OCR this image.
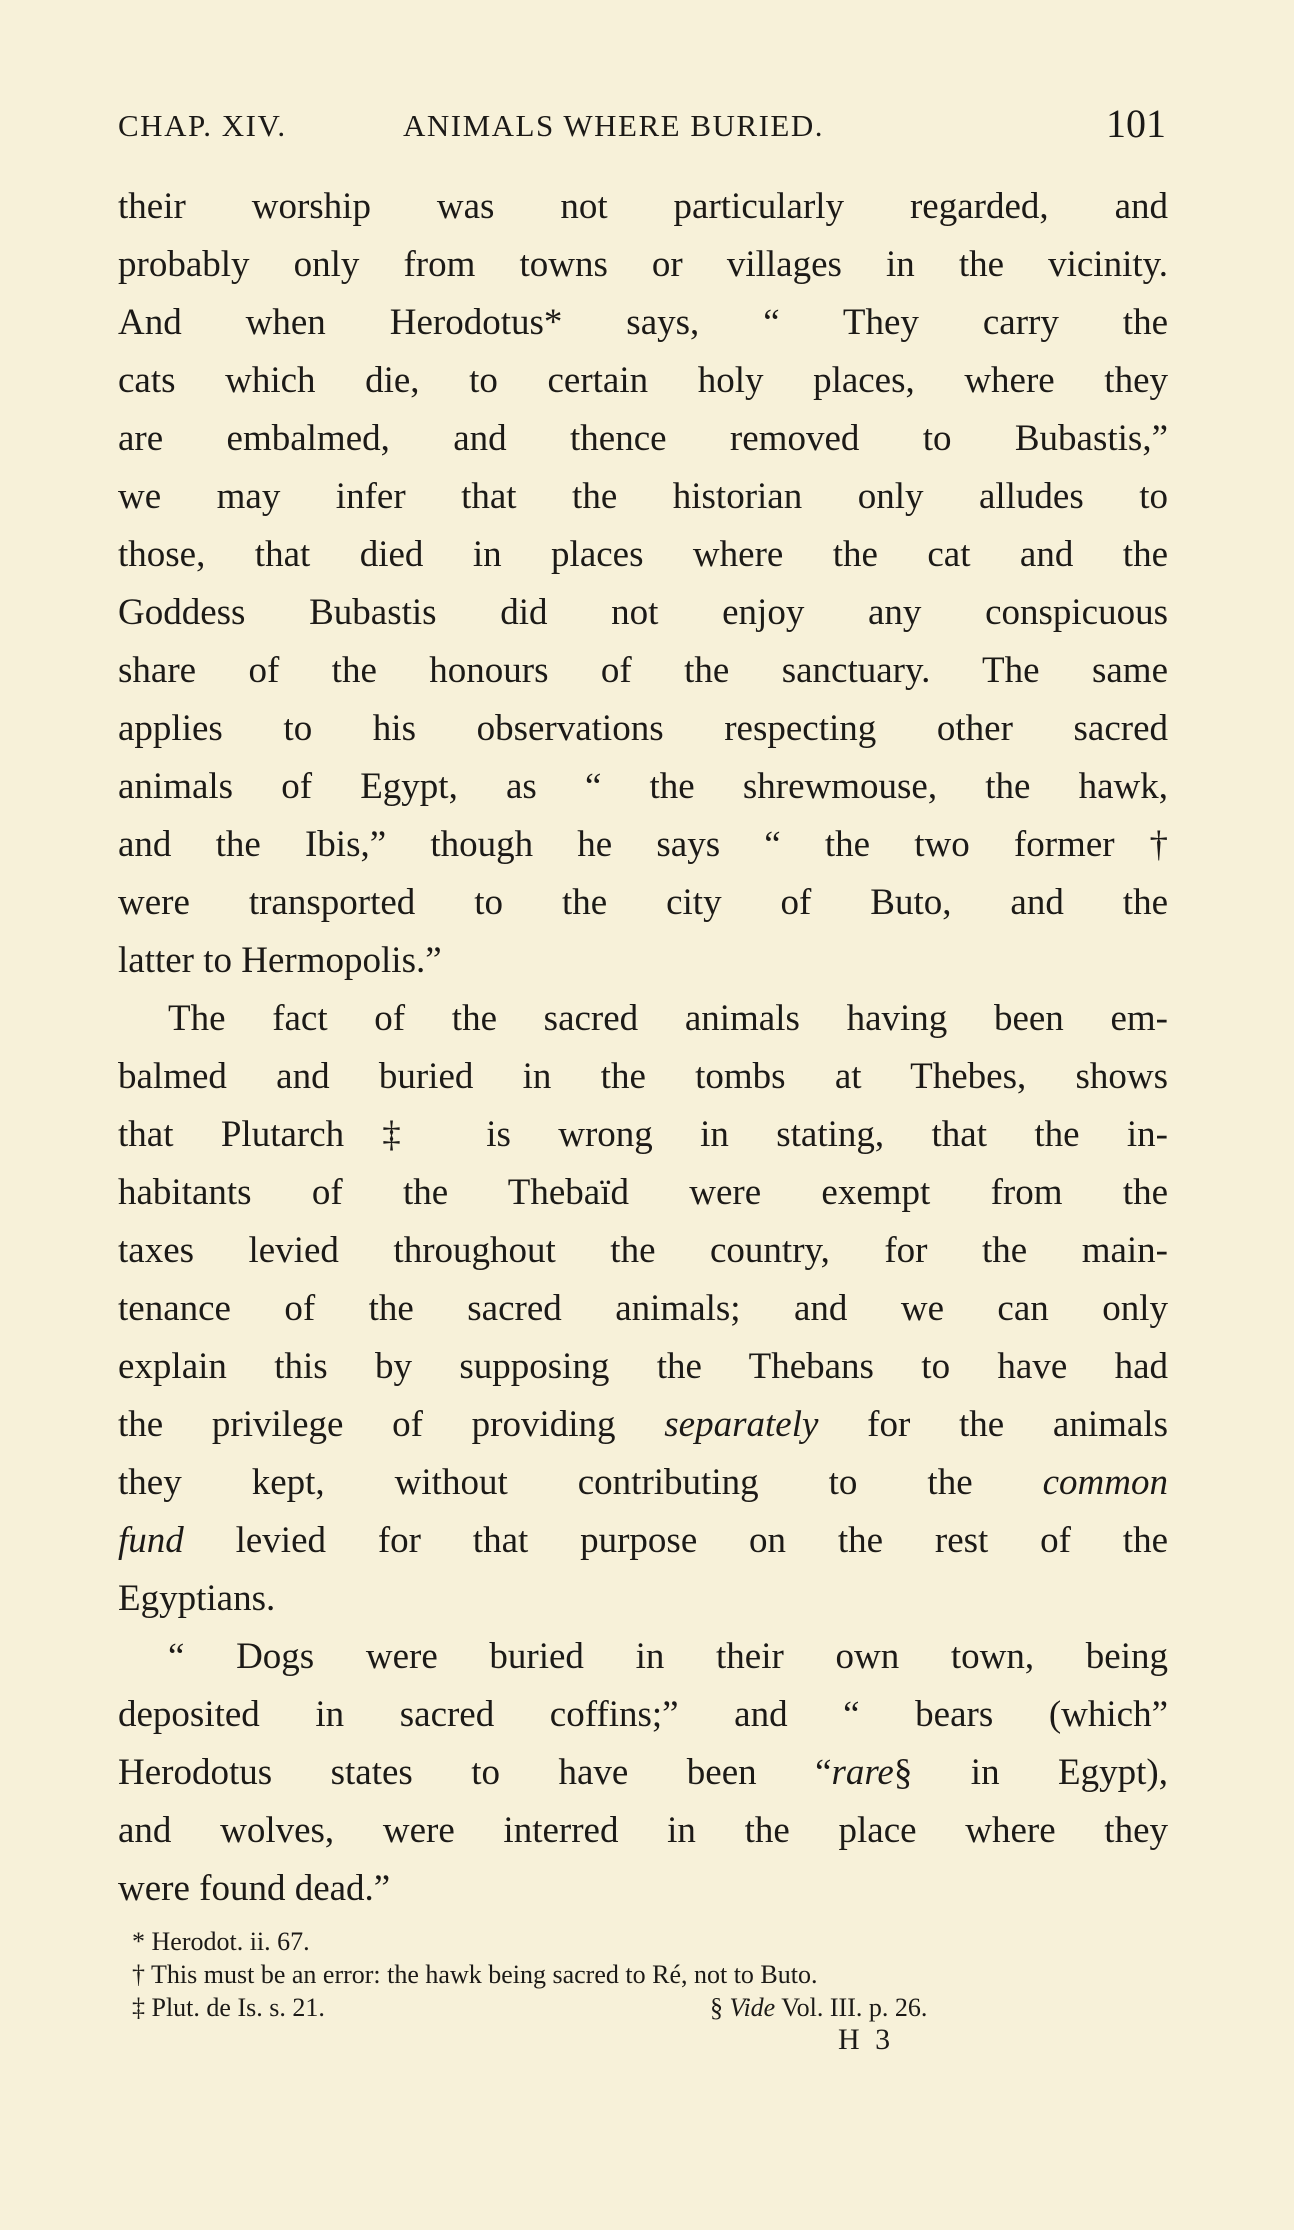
CHAP. XIV.	ANIMALS WHERE BURIED.	101
their worship was not particularly regarded, and
probably only from towns or villages in the vicinity.
And when Herodotus* says, “ They carry the
cats which die, to certain holy places, where they
are embalmed, and thence removed to Bubastis,”
we may infer that the historian only alludes to
those, that died in places where the cat and the
Goddess Bubastis did not enjoy any conspicuous
share of the honours of the sanctuary. The same
applies to his observations respecting other sacred
animals of Egypt, as “ the shrewmouse, the hawk,
and the Ibis,” though he says “ the two former†
were transported to the city of Buto, and the
latter to Hermopolis.”
The fact of the sacred animals having been em-
balmed and buried in the tombs at Thebes, shows
that Plutarch‡ is wrong in stating, that the in-
habitants of the Thebaïd were exempt from the
taxes levied throughout the country, for the main-
tenance of the sacred animals; and we can only
explain this by supposing the Thebans to have had
the privilege of providing separately for the animals
they kept, without contributing to the common
fund levied for that purpose on the rest of the
Egyptians.
“ Dogs were buried in their own town, being
deposited in sacred coffins;” and “ bears (which”
Herodotus states to have been “rare§ in Egypt),
and wolves, were interred in the place where they
were found dead.”
* Herodot. ii. 67.
† This must be an error: the hawk being sacred to Ré, not to Buto.
‡ Plut. de Is. s. 21.	§ Vide Vol. III. p. 26.
H 3
